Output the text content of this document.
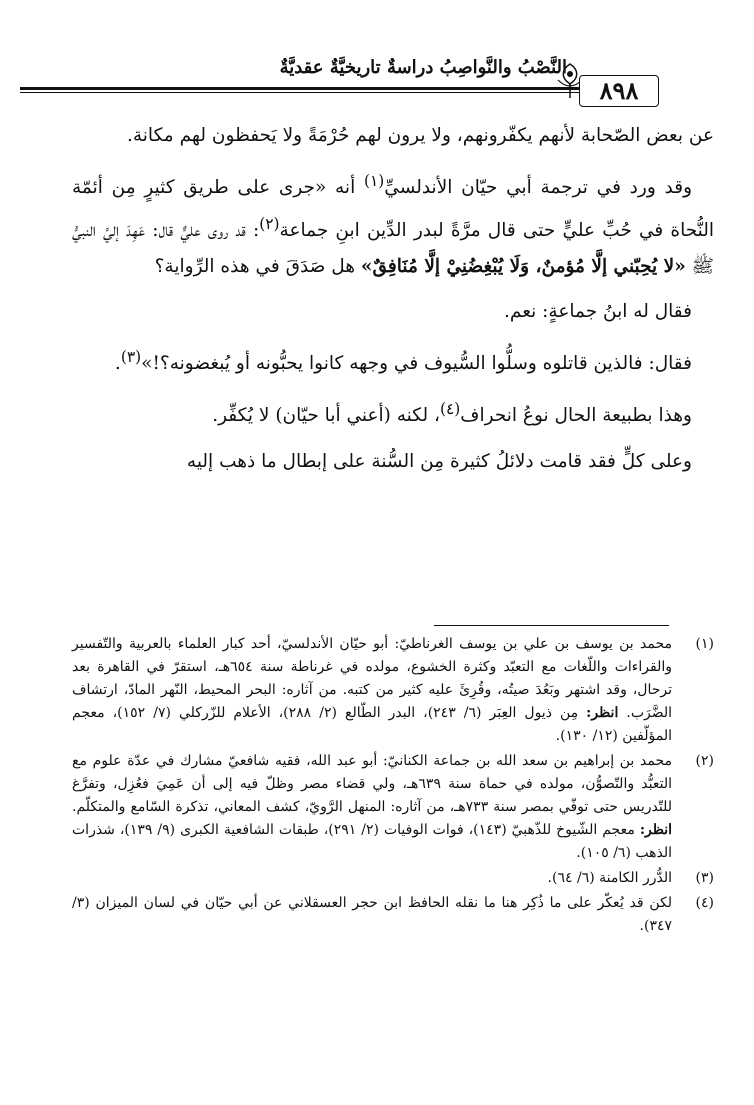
النَّصْبُ والنَّواصِبُ دراسةٌ تاريخيَّةٌ عقديَّةٌ
٨٩٨

عن بعض الصّحابة لأنهم يكفّرونهم، ولا يرون لهم حُرْمَةً ولا يَحفظون لهم مكانة.

وقد ورد في ترجمة أبي حيّان الأندلسيِّ$^{(١)}$ أنه «جرى على طريق كثيرٍ مِن أئمّة النُّحاة في حُبِّ عليٍّ حتى قال مرَّةً لبدر الدِّين ابنِ جماعة$^{(٢)}$: قد روى عليٌّ قال: عَهِدَ إليَّ النبيُّ ﷺ «لا يُحِبّني إلَّا مُؤمنٌ، وَلَا يُبْغِضُنِيْ إلَّا مُنَافِقٌ» هل صَدَقَ في هذه الرِّواية؟

فقال له ابنُ جماعةٍ: نعم.

فقال: فالذين قاتلوه وسلُّوا السُّيوف في وجهه كانوا يحبُّونه أو يُبغضونه؟!»$^{(٣)}$.

وهذا بطبيعة الحال نوعُ انحراف$^{(٤)}$، لكنه (أعني أبا حيّان) لا يُكفِّر.

وعلى كلٍّ فقد قامت دلائلُ كثيرة مِن السُّنة على إبطال ما ذهب إليه

(١)
محمد بن يوسف بن علي بن يوسف الغرناطيّ: أبو حيّان الأندلسيّ، أحد كبار العلماء بالعربية والتّفسير والقراءات واللّغات مع التعبّد وكثرة الخشوع، مولده في غرناطة سنة ٦٥٤هـ، استقرّ في القاهرة بعد ترحال، وقد اشتهر وبَعُدَ صيتُه، وقُرِئَ عليه كثير من كتبه. من آثاره: البحر المحيط، النّهر المادّ، ارتشاف الضَّرَب. انظر: مِن ذيول العِبَر (٦/ ٢٤٣)، البدر الطّالع (٢/ ٢٨٨)، الأعلام للزّركلي (٧/ ١٥٢)، معجم المؤلّفين (١٢/ ١٣٠).
(٢)
محمد بن إبراهيم بن سعد الله بن جماعة الكنانيّ: أبو عبد الله، فقيه شافعيّ مشارك في عدّة علوم مع التعبُّد والتّصوُّن، مولده في حماة سنة ٦٣٩هـ، ولي قضاء مصر وظلّ فيه إلى أن عَمِيَ فعُزِل، وتفرَّغ للتّدريس حتى توفّي بمصر سنة ٧٣٣هـ، من آثاره: المنهل الرَّويّ، كشف المعاني، تذكرة السّامع والمتكلّم. انظر: معجم الشّيوخ للذّهبيّ (١٤٣)، فوات الوفيات (٢/ ٢٩١)، طبقات الشافعية الكبرى (٩/ ١٣٩)، شذرات الذهب (٦/ ١٠٥).
(٣)
الدُّرر الكامنة (٦/ ٦٤).
(٤)
لكن قد يُعكّر على ما ذُكِر هنا ما نقله الحافظ ابن حجر العسقلاني عن أبي حيّان في لسان الميزان (٣/ ٣٤٧).
